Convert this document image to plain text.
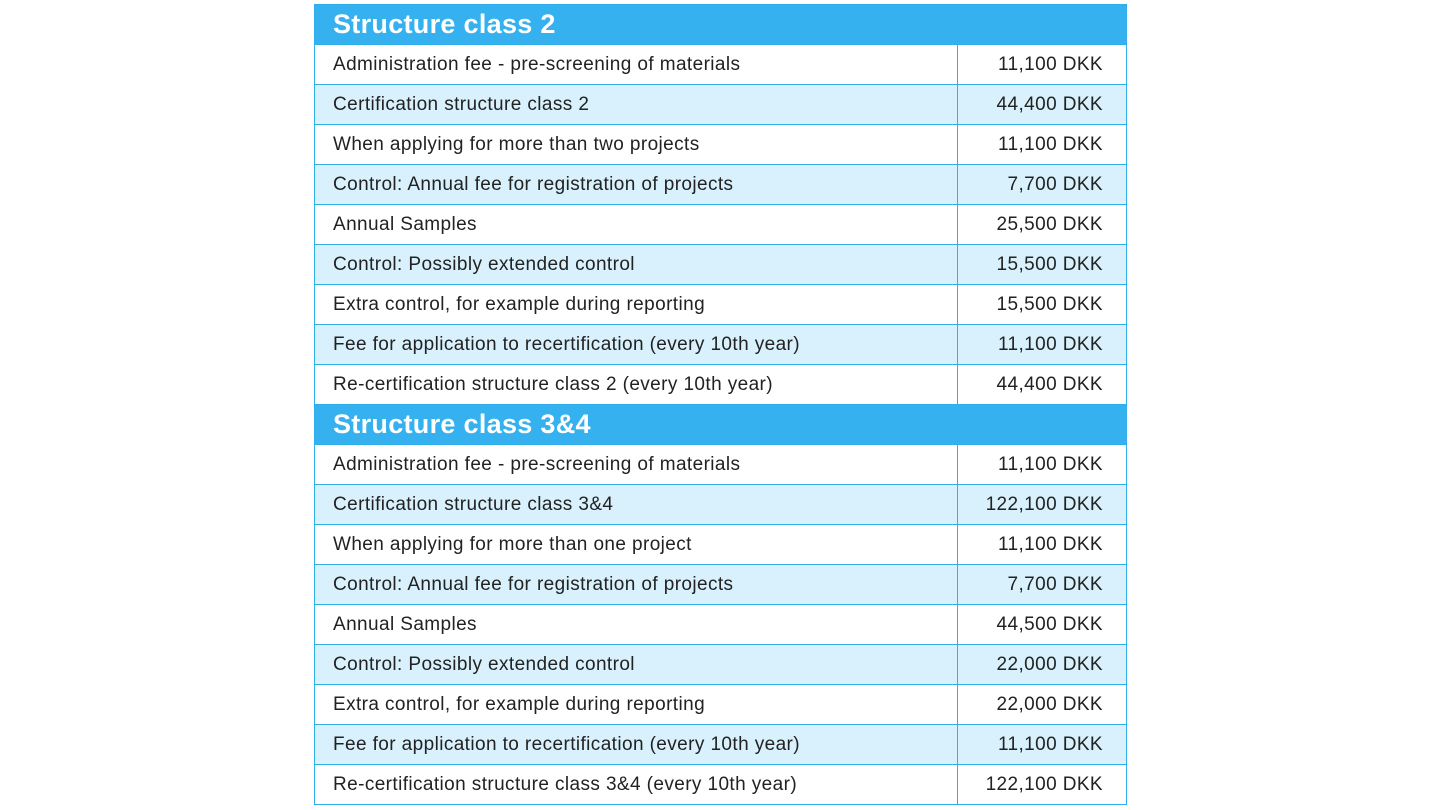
Structure class 2	
Administration fee - pre-screening of materials	11,100 DKK
Certification structure class 2	44,400 DKK
When applying for more than two projects	11,100 DKK
Control: Annual fee for registration of projects	7,700 DKK
Annual Samples	25,500 DKK
Control: Possibly extended control	15,500 DKK
Extra control, for example during reporting	15,500 DKK
Fee for application to recertification (every 10th year)	11,100 DKK
Re-certification structure class 2 (every 10th year)	44,400 DKK
Structure class 3&4	
Administration fee - pre-screening of materials	11,100 DKK
Certification structure class 3&4	122,100 DKK
When applying for more than one project	11,100 DKK
Control: Annual fee for registration of projects	7,700 DKK
Annual Samples	44,500 DKK
Control: Possibly extended control	22,000 DKK
Extra control, for example during reporting	22,000 DKK
Fee for application to recertification (every 10th year)	11,100 DKK
Re-certification structure class 3&4 (every 10th year)	122,100 DKK
